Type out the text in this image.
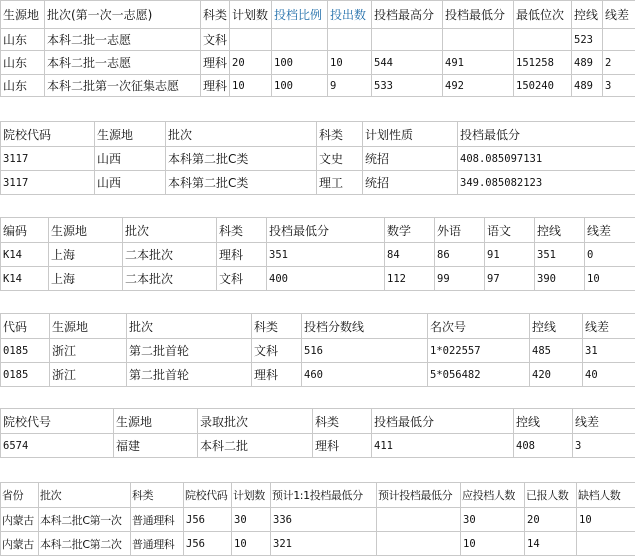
生源地	批次(第一次一志愿)	科类	计划数	投档比例	投出数	投档最高分	投档最低分	最低位次	控线	线差
山东	本科二批一志愿	文科							523	
山东	本科二批一志愿	理科	20	100	10	544	491	151258	489	2
山东	本科二批第一次征集志愿	理科	10	100	9	533	492	150240	489	3
院校代码	生源地	批次	科类	计划性质	投档最低分
3117	山西	本科第二批C类	文史	统招	408.085097131
3117	山西	本科第二批C类	理工	统招	349.085082123
编码	生源地	批次	科类	投档最低分	数学	外语	语文	控线	线差
K14	上海	二本批次	理科	351	84	86	91	351	0
K14	上海	二本批次	文科	400	112	99	97	390	10
代码	生源地	批次	科类	投档分数线	名次号	控线	线差
0185	浙江	第二批首轮	文科	516	1*022557	485	31
0185	浙江	第二批首轮	理科	460	5*056482	420	40
院校代号	生源地	录取批次	科类	投档最低分	控线	线差
6574	福建	本科二批	理科	411	408	3
省份	批次	科类	院校代码	计划数	预计1:1投档最低分	预计投档最低分	应投档人数	已报人数	缺档人数
内蒙古	本科二批C第一次	普通理科	J56	30	336		30	20	10
内蒙古	本科二批C第二次	普通理科	J56	10	321		10	14	
